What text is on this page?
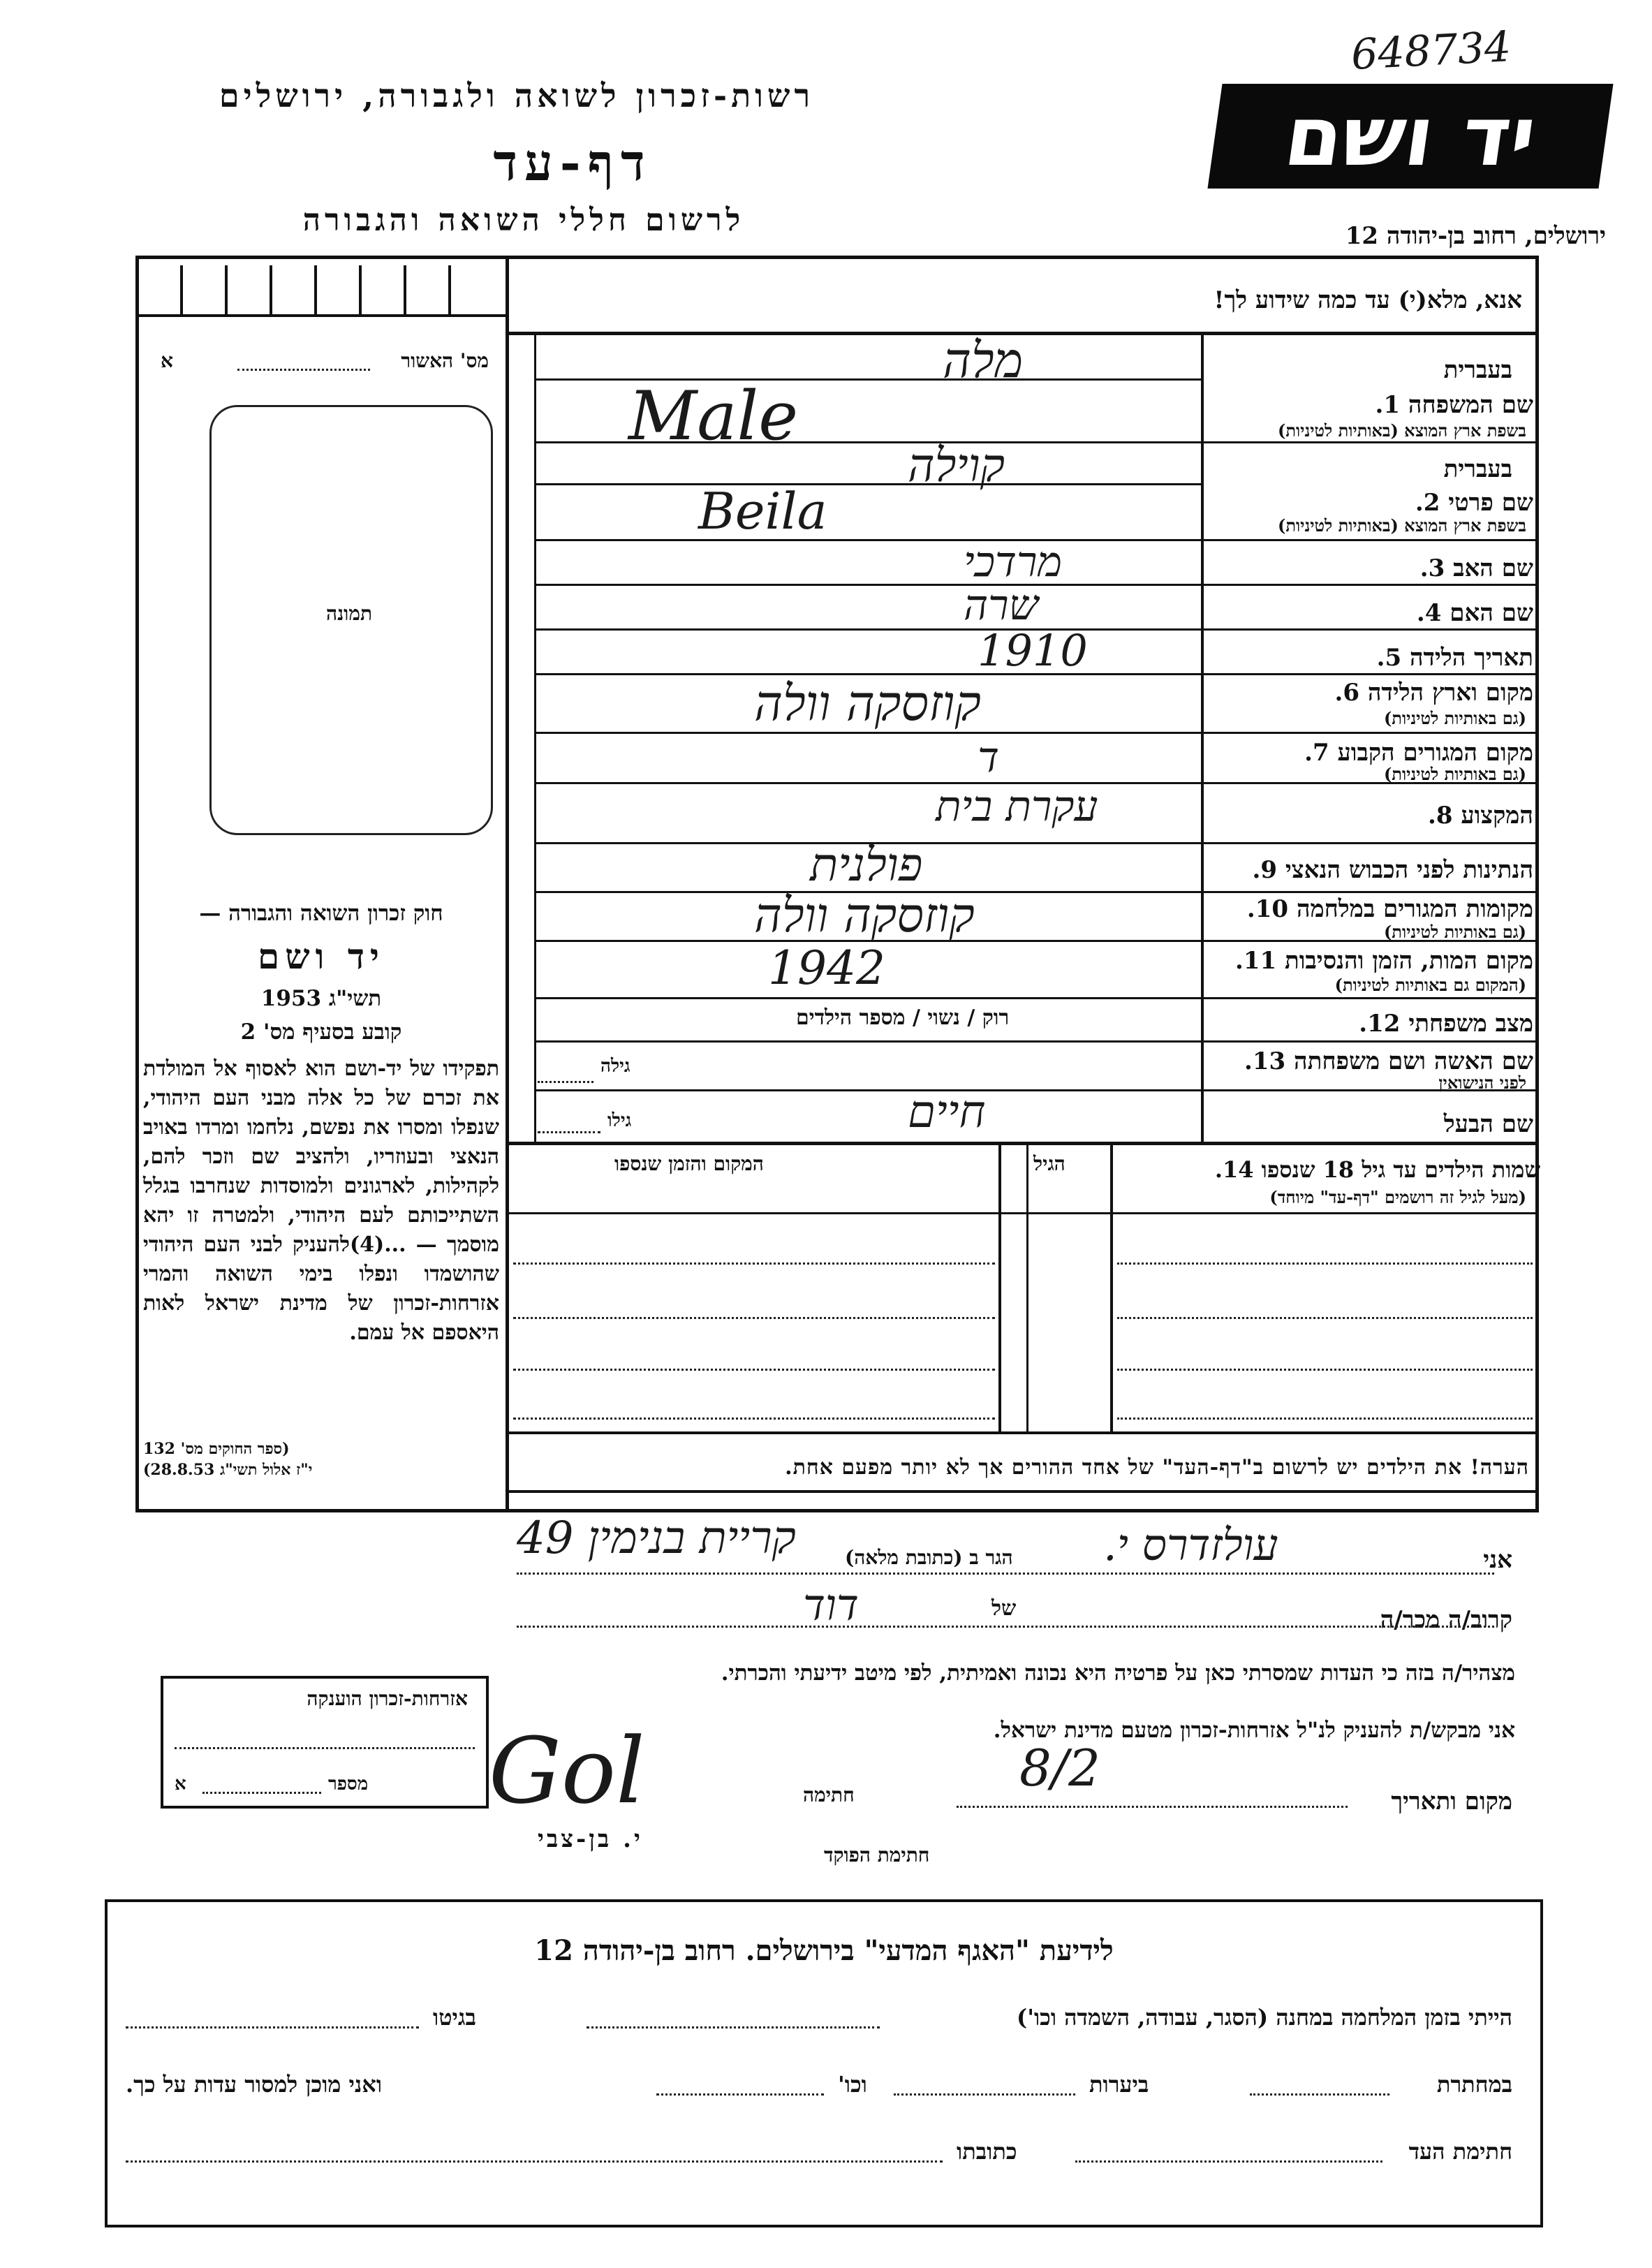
648734
רשות-זכרון לשואה ולגבורה, ירושלים
דף-עד
לרשום חללי השואה והגבורה
יד ושם
ירושלים, רחוב בן-יהודה 12
מס' האשור
א
תמונה
חוק זכרון השואה והגבורה —
יד ושם
תשי"ג 1953
קובע בסעיף מס' 2
תפקידו של יד-ושם הוא לאסוף אל המולדת את זכרם של כל אלה מבני העם היהודי, שנפלו ומסרו את נפשם, נלחמו ומרדו באויב הנאצי ובעוזריו, ולהציב שם וזכר להם, לקהילות, לארגונים ולמוסדות שנחרבו בגלל השתייכותם לעם היהודי, ולמטרה זו יהא מוסמך — ...(4)להעניק לבני העם היהודי שהושמדו ונפלו בימי השואה והמרי אזרחות-זכרון של מדינת ישראל לאות היאספם אל עמם.
(ספר החוקים מס' 132
י"ז אלול תשי"ג 28.8.53)
אנא, מלא(י) עד כמה שידוע לך!
בעברית
שם המשפחה 1.
בשפת ארץ המוצא (באותיות לטיניות)
מלה
Male
בעברית
שם פרטי 2.
בשפת ארץ המוצא (באותיות לטיניות)
קוילה
Beila
שם האב 3.
מרדכי
שם האם 4.
שרה
תאריך הלידה 5.
1910
מקום וארץ הלידה 6.
(גם באותיות לטיניות)
קוזסקה וולה
מקום המגורים הקבוע 7.
(גם באותיות לטיניות)
ד
המקצוע 8.
עקרת בית
הנתינות לפני הכבוש הנאצי 9.
פולנית
מקומות המגורים במלחמה 10.
(גם באותיות לטיניות)
קוזסקה וולה
מקום המות, הזמן והנסיבות 11.
(המקום גם באותיות לטיניות)
1942
מצב משפחתי 12.
רוק / נשוי / מספר הילדים
שם האשה ושם משפחתה 13.
לפני הנישואין
גילה
שם הבעל
חיים
גילו
שמות הילדים עד גיל 18 שנספו 14.
(מעל לגיל זה רושמים "דף-עד" מיוחד)
הגיל
המקום והזמן שנספו
הערה! את הילדים יש לרשום ב"דף-העד" של אחד ההורים אך לא יותר מפעם אחת.
אני
עולזדרס י.
הגר ב (כתובת מלאה)
קריית בנימין 49
קרוב/ה מכר/ה
של
דוד
מצהיר/ה בזה כי העדות שמסרתי כאן על פרטיה היא נכונה ואמיתית, לפי מיטב ידיעתי והכרתי.
אני מבקש/ת להעניק לנ"ל אזרחות-זכרון מטעם מדינת ישראל.
מקום ותאריך
8/2
חתימה
Gol
י. בן-צבי
חתימת הפוקד
אזרחות-זכרון הוענקה
מספר
א
לידיעת "האגף המדעי" בירושלים. רחוב בן-יהודה 12
הייתי בזמן המלחמה במחנה (הסגר, עבודה, השמדה וכו')
בגיטו
במחתרת
ביערות
וכו'
ואני מוכן למסור עדות על כך.
חתימת העד
כתובתו
